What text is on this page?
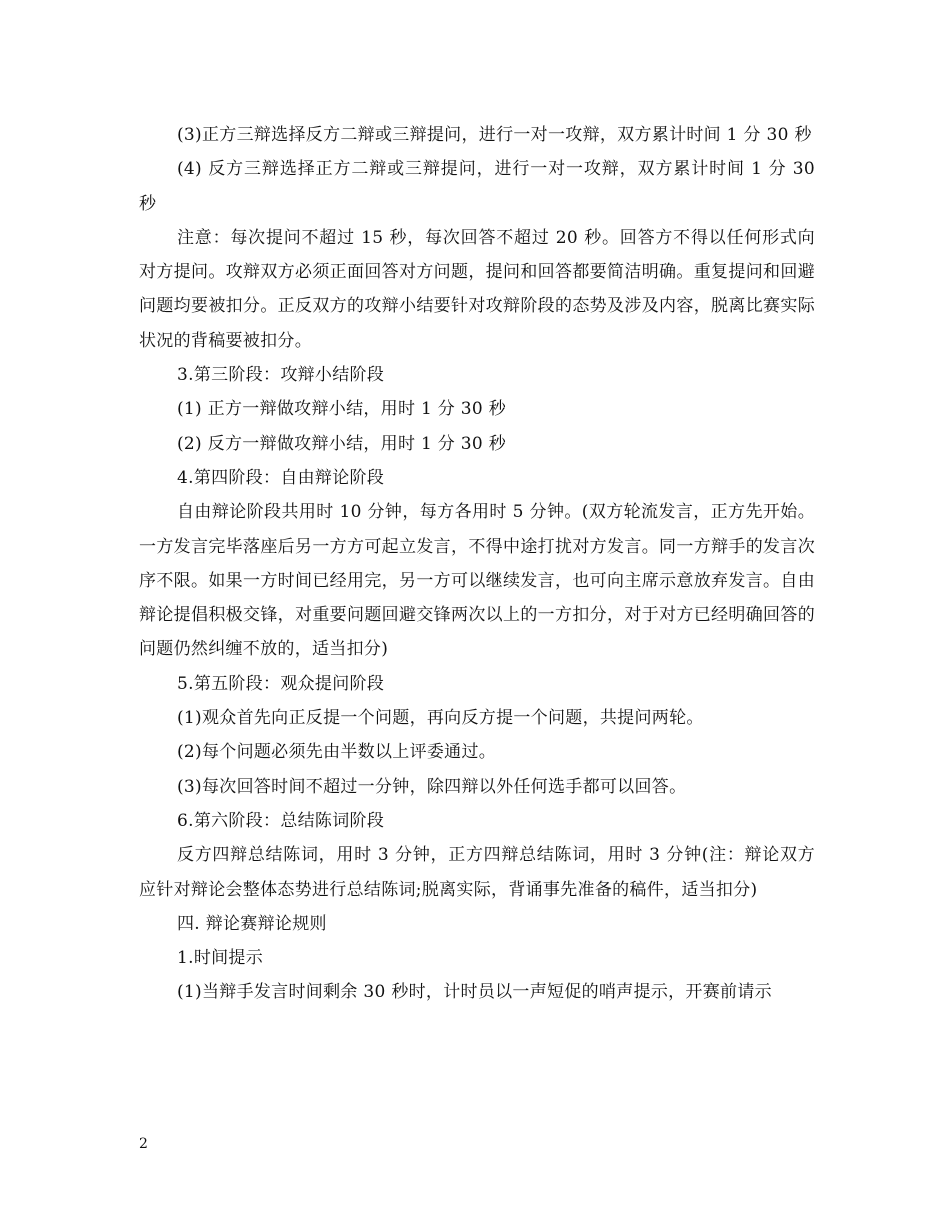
(3)正方三辩选择反方二辩或三辩提问，进行一对一攻辩，双方累计时间 1 分 30 秒

(4) 反方三辩选择正方二辩或三辩提问，进行一对一攻辩，双方累计时间 1 分 30 秒

注意：每次提问不超过 15 秒，每次回答不超过 20 秒。回答方不得以任何形式向对方提问。攻辩双方必须正面回答对方问题，提问和回答都要简洁明确。重复提问和回避问题均要被扣分。正反双方的攻辩小结要针对攻辩阶段的态势及涉及内容，脱离比赛实际状况的背稿要被扣分。

3.第三阶段：攻辩小结阶段

(1) 正方一辩做攻辩小结，用时 1 分 30 秒

(2) 反方一辩做攻辩小结，用时 1 分 30 秒

4.第四阶段：自由辩论阶段

自由辩论阶段共用时 10 分钟，每方各用时 5 分钟。(双方轮流发言，正方先开始。一方发言完毕落座后另一方方可起立发言，不得中途打扰对方发言。同一方辩手的发言次序不限。如果一方时间已经用完，另一方可以继续发言，也可向主席示意放弃发言。自由辩论提倡积极交锋，对重要问题回避交锋两次以上的一方扣分，对于对方已经明确回答的问题仍然纠缠不放的，适当扣分)

5.第五阶段：观众提问阶段

(1)观众首先向正反提一个问题，再向反方提一个问题，共提问两轮。

(2)每个问题必须先由半数以上评委通过。

(3)每次回答时间不超过一分钟，除四辩以外任何选手都可以回答。

6.第六阶段：总结陈词阶段

反方四辩总结陈词，用时 3 分钟，正方四辩总结陈词，用时 3 分钟(注：辩论双方应针对辩论会整体态势进行总结陈词;脱离实际，背诵事先准备的稿件，适当扣分)

四. 辩论赛辩论规则

1.时间提示

(1)当辩手发言时间剩余 30 秒时，计时员以一声短促的哨声提示，开赛前请示

2
